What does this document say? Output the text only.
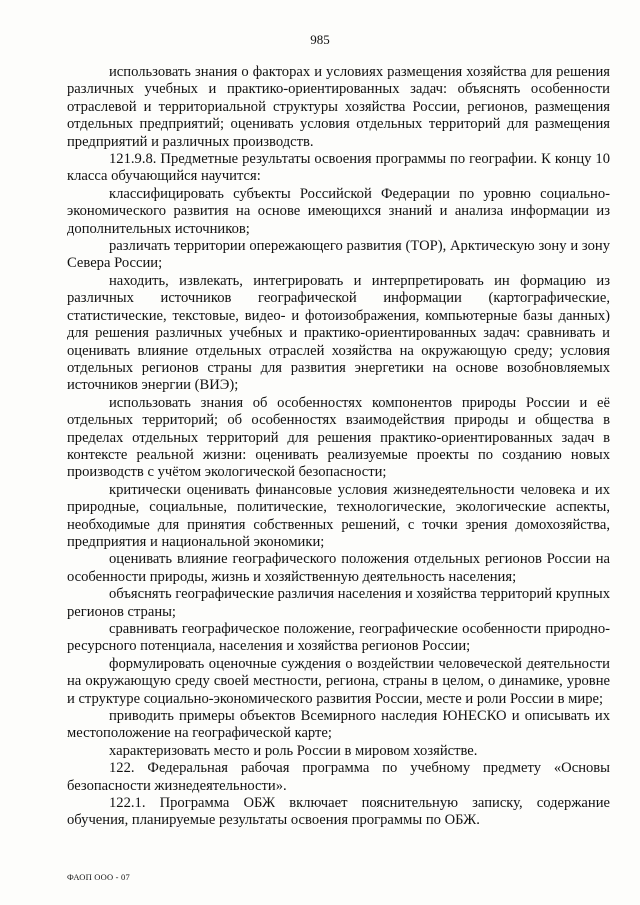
985

использовать знания о факторах и условиях размещения хозяйства для решения различных учебных и практико-ориентированных задач: объяснять особенности отраслевой и территориальной структуры хозяйства России, регионов, размещения отдельных предприятий; оценивать условия отдельных территорий для размещения предприятий и различных производств.

121.9.8. Предметные результаты освоения программы по географии. К концу 10 класса обучающийся научится:

классифицировать субъекты Российской Федерации по уровню социально-экономического развития на основе имеющихся знаний и анализа информации из дополнительных источников;

различать территории опережающего развития (ТОР), Арктическую зону и зону Севера России;

находить, извлекать, интегрировать и интерпретировать ин формацию из различных источников географической информации (картографические, статистические, текстовые, видео- и фотоизображения, компьютерные базы данных) для решения различных учебных и практико-ориентированных задач: сравнивать и оценивать влияние отдельных отраслей хозяйства на окружающую среду; условия отдельных регионов страны для развития энергетики на основе возобновляемых источников энергии (ВИЭ);

использовать знания об особенностях компонентов природы России и её отдельных территорий; об особенностях взаимодействия природы и общества в пределах отдельных территорий для решения практико-ориентированных задач в контексте реальной жизни: оценивать реализуемые проекты по созданию новых производств с учётом экологической безопасности;

критически оценивать финансовые условия жизнедеятельности человека и их природные, социальные, политические, технологические, экологические аспекты, необходимые для принятия собственных решений, с точки зрения домохозяйства, предприятия и национальной экономики;

оценивать влияние географического положения отдельных регионов России на особенности природы, жизнь и хозяйственную деятельность населения;

объяснять географические различия населения и хозяйства территорий крупных регионов страны;

сравнивать географическое положение, географические особенности природно-ресурсного потенциала, населения и хозяйства регионов России;

формулировать оценочные суждения о воздействии человеческой деятельности на окружающую среду своей местности, региона, страны в целом, о динамике, уровне и структуре социально-экономического развития России, месте и роли России в мире;

приводить примеры объектов Всемирного наследия ЮНЕСКО и описывать их местоположение на географической карте;

характеризовать место и роль России в мировом хозяйстве.

122. Федеральная рабочая программа по учебному предмету «Основы безопасности жизнедеятельности».

122.1. Программа ОБЖ включает пояснительную записку, содержание обучения, планируемые результаты освоения программы по ОБЖ.

ФАОП ООО - 07
